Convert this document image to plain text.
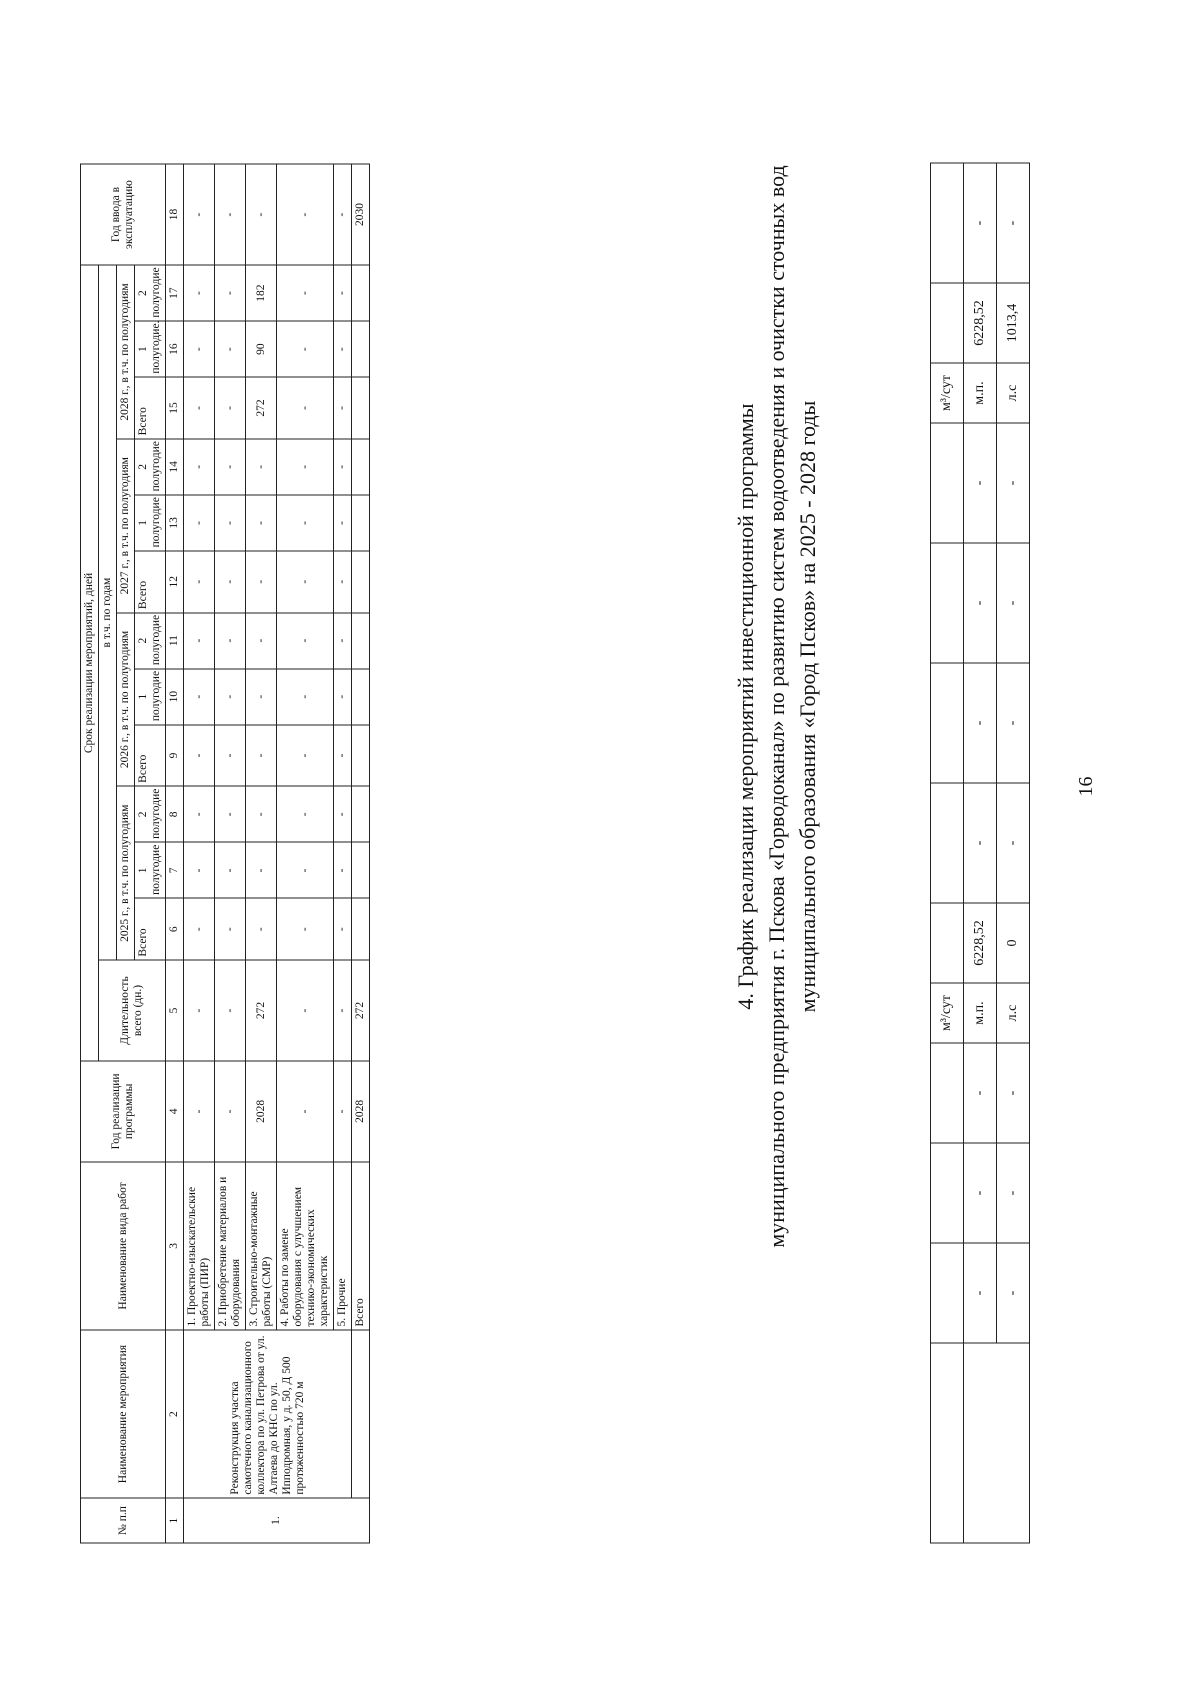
16
				м³/сут						м³/сут		
	-	-	-	м.п.	6228,52	-	-	-	-	м.п.	6228,52	-
	-	-	-	л.с	0	-	-	-	-	л.с	1013,4	-
4. График реализации мероприятий инвестиционной программы муниципального предприятия г. Пскова «Горводоканал» по развитию систем водоотведения и очистки сточных вод муниципального образования «Город Псков» на 2025 - 2028 годы
№ п.п	Наименование мероприятия	Наименование вида работ	Год реализации программы	Срок реализации мероприятий, дней													Год ввода в эксплуатацию
				Длительность всего (дн.)	в т.ч. по годам												
					2025 г., в т.ч. по полугодиям			2026 г., в т.ч. по полугодиям			2027 г., в т.ч. по полугодиям			2028 г., в т.ч. по полугодиям			
					Всего	1 полугодие	2 полугодие	Всего	1 полугодие	2 полугодие	Всего	1 полугодие	2 полугодие	Всего	1 полугодие.	2 полугодие	
1	2	3	4	5	6	7	8	9	10	11	12	13	14	15	16	17	18
1.	Реконструкция участка самотечного канализационного коллектора по ул. Петрова от ул. Алтаева до КНС по ул. Ипподромная, у д. 50, Д 500 протяженностью 720 м	1. Проектно-изыскательские работы (ПИР)	-	-	-	-	-	-	-	-	-	-	-	-	-	-	-
		2. Приобретение материалов и оборудования	-	-	-	-	-	-	-	-	-	-	-	-	-	-	-
		3. Строительно-монтажные работы (СМР)	2028	272	-	-	-	-	-	-	-	-	-	272	90	182	-
		4. Работы по замене оборудования с улучшением технико-экономических характеристик	-	-	-	-	-	-	-	-	-	-	-	-	-	-	-
		5. Прочие	-	-	-	-	-	-	-	-	-	-	-	-	-	-	-
		Всего	2028	272													2030
